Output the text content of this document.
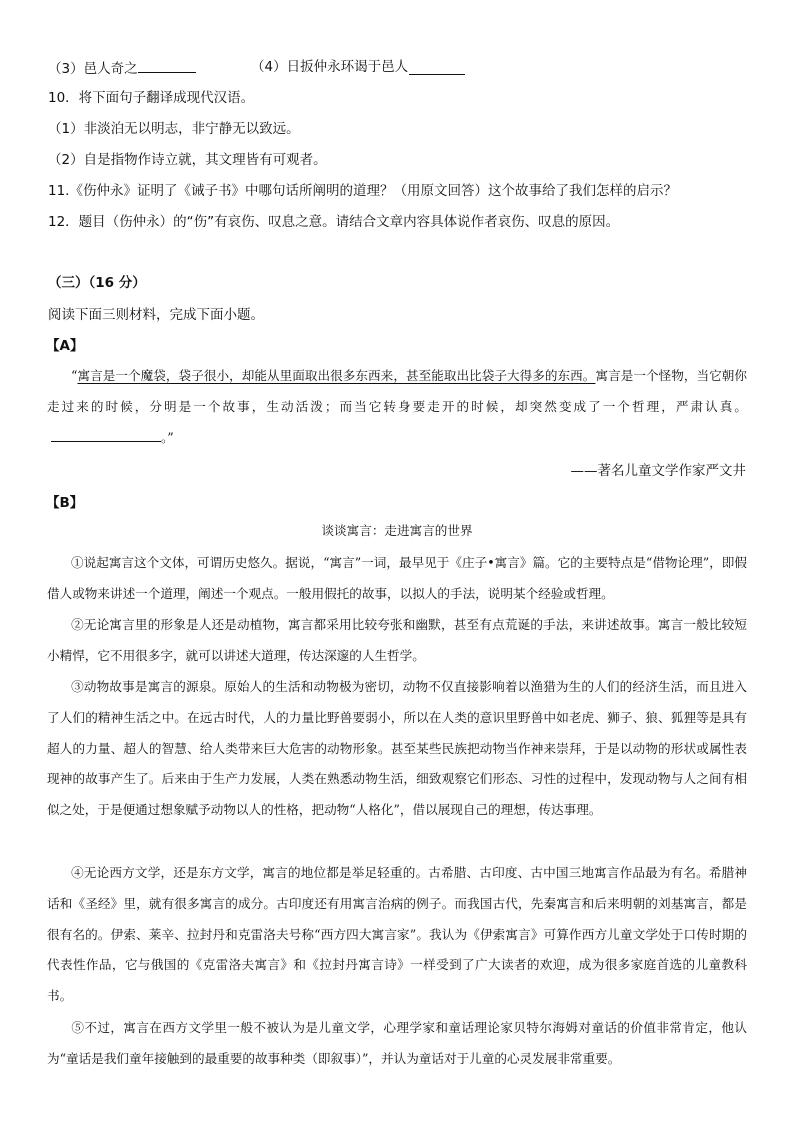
（3）邑人奇之	（4）日扳仲永环谒于邑人
10．将下面句子翻译成现代汉语。
（1）非淡泊无以明志，非宁静无以致远。
（2）自是指物作诗立就，其文理皆有可观者。
11.《伤仲永》证明了《诫子书》中哪句话所阐明的道理？（用原文回答）这个故事给了我们怎样的启示？
12．题目（伤仲永）的“伤”有哀伤、叹息之意。请结合文章内容具体说作者哀伤、叹息的原因。
（三）（16 分）
阅读下面三则材料，完成下面小题。
【A】
“寓言是一个魔袋，袋子很小，却能从里面取出很多东西来，甚至能取出比袋子大得多的东西。寓言是一个怪物，当它朝你走过来的时候，分明是一个故事，生动活泼；而当它转身要走开的时候，却突然变成了一个哲理，严肃认真。。”
——著名儿童文学作家严文井
【B】
谈谈寓言：走进寓言的世界
①说起寓言这个文体，可谓历史悠久。据说，“寓言”一词，最早见于《庄子•寓言》篇。它的主要特点是“借物论理”，即假借人或物来讲述一个道理，阐述一个观点。一般用假托的故事，以拟人的手法，说明某个经验或哲理。
②无论寓言里的形象是人还是动植物，寓言都采用比较夸张和幽默，甚至有点荒诞的手法，来讲述故事。寓言一般比较短小精悍，它不用很多字，就可以讲述大道理，传达深邃的人生哲学。
③动物故事是寓言的源泉。原始人的生活和动物极为密切，动物不仅直接影响着以渔猎为生的人们的经济生活，而且进入了人们的精神生活之中。在远古时代，人的力量比野兽要弱小，所以在人类的意识里野兽中如老虎、狮子、狼、狐狸等是具有超人的力量、超人的智慧、给人类带来巨大危害的动物形象。甚至某些民族把动物当作神来崇拜，于是以动物的形状或属性表现神的故事产生了。后来由于生产力发展，人类在熟悉动物生活，细致观察它们形态、习性的过程中，发现动物与人之间有相似之处，于是便通过想象赋予动物以人的性格，把动物“人格化”，借以展现自己的理想，传达事理。
④无论西方文学，还是东方文学，寓言的地位都是举足轻重的。古希腊、古印度、古中国三地寓言作品最为有名。希腊神话和《圣经》里，就有很多寓言的成分。古印度还有用寓言治病的例子。而我国古代，先秦寓言和后来明朝的刘基寓言，都是很有名的。伊索、莱辛、拉封丹和克雷洛夫号称“西方四大寓言家”。我认为《伊索寓言》可算作西方儿童文学处于口传时期的代表性作品，它与俄国的《克雷洛夫寓言》和《拉封丹寓言诗》一样受到了广大读者的欢迎，成为很多家庭首选的儿童教科书。
⑤不过，寓言在西方文学里一般不被认为是儿童文学，心理学家和童话理论家贝特尔海姆对童话的价值非常肯定，他认为“童话是我们童年接触到的最重要的故事种类（即叙事）”，并认为童话对于儿童的心灵发展非常重要。
